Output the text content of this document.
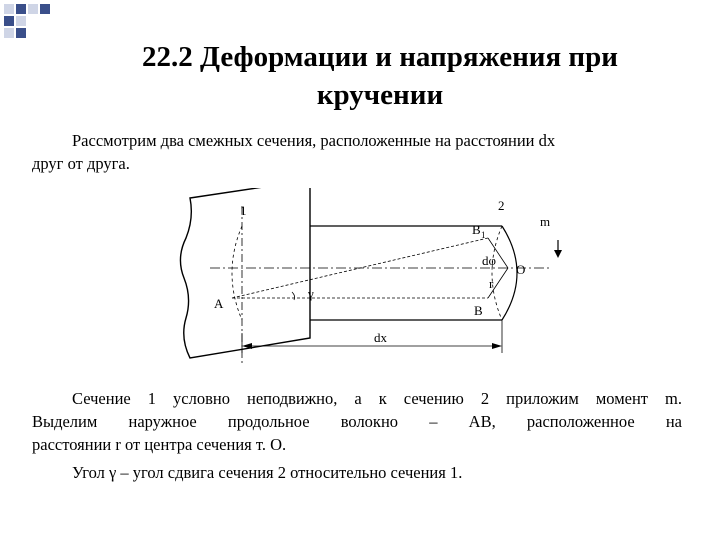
22.2 Деформации и напряжения при
кручении
Рассмотрим два смежных сечения, расположенные на расстоянии dx
друг от друга.
1	2
m
B 1
dφ
O
r
A
γ
B
dx
Сечение 1 условно неподвижно, а к сечению 2 приложим момент m.
Выделим наружное продольное волокно – AB, расположенное на
расстоянии r от центра сечения т. O.
Угол γ – угол сдвига сечения 2 относительно сечения 1.
